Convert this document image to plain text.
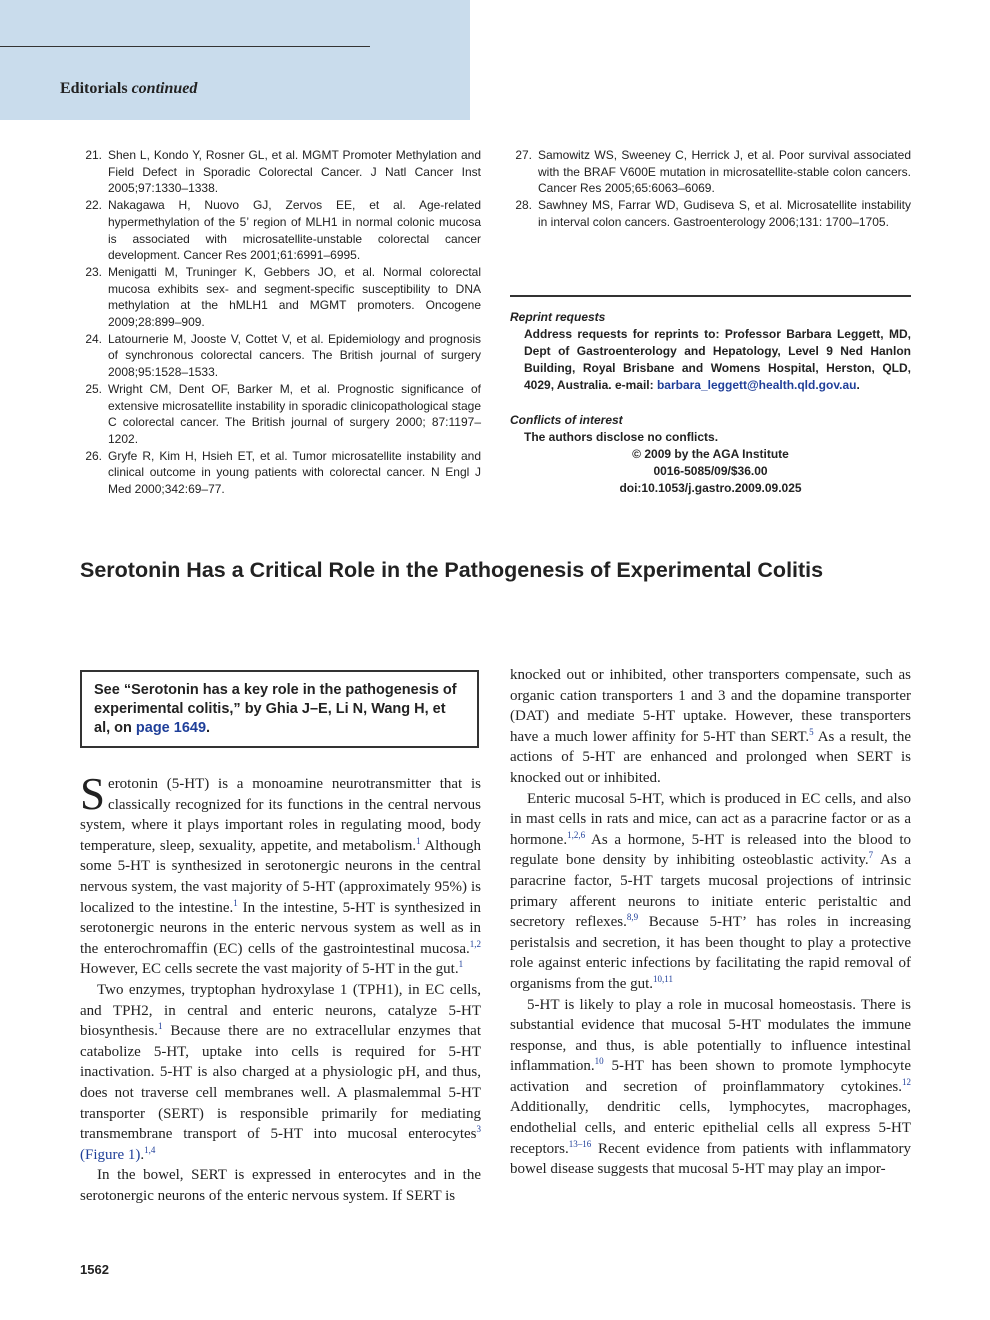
Editorials continued
21. Shen L, Kondo Y, Rosner GL, et al. MGMT Promoter Methylation and Field Defect in Sporadic Colorectal Cancer. J Natl Cancer Inst 2005;97:1330–1338.
22. Nakagawa H, Nuovo GJ, Zervos EE, et al. Age-related hypermethylation of the 5’ region of MLH1 in normal colonic mucosa is associated with microsatellite-unstable colorectal cancer development. Cancer Res 2001;61:6991–6995.
23. Menigatti M, Truninger K, Gebbers JO, et al. Normal colorectal mucosa exhibits sex- and segment-specific susceptibility to DNA methylation at the hMLH1 and MGMT promoters. Oncogene 2009;28:899–909.
24. Latournerie M, Jooste V, Cottet V, et al. Epidemiology and prognosis of synchronous colorectal cancers. The British journal of surgery 2008;95:1528–1533.
25. Wright CM, Dent OF, Barker M, et al. Prognostic significance of extensive microsatellite instability in sporadic clinicopathological stage C colorectal cancer. The British journal of surgery 2000; 87:1197–1202.
26. Gryfe R, Kim H, Hsieh ET, et al. Tumor microsatellite instability and clinical outcome in young patients with colorectal cancer. N Engl J Med 2000;342:69–77.
27. Samowitz WS, Sweeney C, Herrick J, et al. Poor survival associated with the BRAF V600E mutation in microsatellite-stable colon cancers. Cancer Res 2005;65:6063–6069.
28. Sawhney MS, Farrar WD, Gudiseva S, et al. Microsatellite instability in interval colon cancers. Gastroenterology 2006;131: 1700–1705.
Reprint requests
Address requests for reprints to: Professor Barbara Leggett, MD, Dept of Gastroenterology and Hepatology, Level 9 Ned Hanlon Building, Royal Brisbane and Womens Hospital, Herston, QLD, 4029, Australia. e-mail: barbara_leggett@health.qld.gov.au.
Conflicts of interest
The authors disclose no conflicts.
© 2009 by the AGA Institute
0016-5085/09/$36.00
doi:10.1053/j.gastro.2009.09.025
Serotonin Has a Critical Role in the Pathogenesis of Experimental Colitis
See “Serotonin has a key role in the pathogenesis of experimental colitis,” by Ghia J–E, Li N, Wang H, et al, on page 1649.

Serotonin (5-HT) is a monoamine neurotransmitter that is classically recognized for its functions in the central nervous system, where it plays important roles in regulating mood, body temperature, sleep, sexuality, appetite, and metabolism.$^1$ Although some 5-HT is synthesized in serotonergic neurons in the central nervous system, the vast majority of 5-HT (approximately 95%) is localized to the intestine.$^1$ In the intestine, 5-HT is synthesized in serotonergic neurons in the enteric nervous system as well as in the enterochromaffin (EC) cells of the gastrointestinal mucosa.$^{1,2}$ However, EC cells secrete the vast majority of 5-HT in the gut.$^1$

Two enzymes, tryptophan hydroxylase 1 (TPH1), in EC cells, and TPH2, in central and enteric neurons, catalyze 5-HT biosynthesis.$^1$ Because there are no extracellular enzymes that catabolize 5-HT, uptake into cells is required for 5-HT inactivation. 5-HT is also charged at a physiologic pH, and thus, does not traverse cell membranes well. A plasmalemmal 5-HT transporter (SERT) is responsible primarily for mediating transmembrane transport of 5-HT into mucosal enterocytes$^3$ (Figure 1).$^{1,4}$

In the bowel, SERT is expressed in enterocytes and in the serotonergic neurons of the enteric nervous system. If SERT is

knocked out or inhibited, other transporters compensate, such as organic cation transporters 1 and 3 and the dopamine transporter (DAT) and mediate 5-HT uptake. However, these transporters have a much lower affinity for 5-HT than SERT.$^5$ As a result, the actions of 5-HT are enhanced and prolonged when SERT is knocked out or inhibited.

Enteric mucosal 5-HT, which is produced in EC cells, and also in mast cells in rats and mice, can act as a paracrine factor or as a hormone.$^{1,2,6}$ As a hormone, 5-HT is released into the blood to regulate bone density by inhibiting osteoblastic activity.$^7$ As a paracrine factor, 5-HT targets mucosal projections of intrinsic primary afferent neurons to initiate enteric peristaltic and secretory reflexes.$^{8,9}$ Because 5-HT’ has roles in increasing peristalsis and secretion, it has been thought to play a protective role against enteric infections by facilitating the rapid removal of organisms from the gut.$^{10,11}$

5-HT is likely to play a role in mucosal homeostasis. There is substantial evidence that mucosal 5-HT modulates the immune response, and thus, is able potentially to influence intestinal inflammation.$^{10}$ 5-HT has been shown to promote lymphocyte activation and secretion of proinflammatory cytokines.$^{12}$ Additionally, dendritic cells, lymphocytes, macrophages, endothelial cells, and enteric epithelial cells all express 5-HT receptors.$^{13-16}$ Recent evidence from patients with inflammatory bowel disease suggests that mucosal 5-HT may play an impor-

1562
